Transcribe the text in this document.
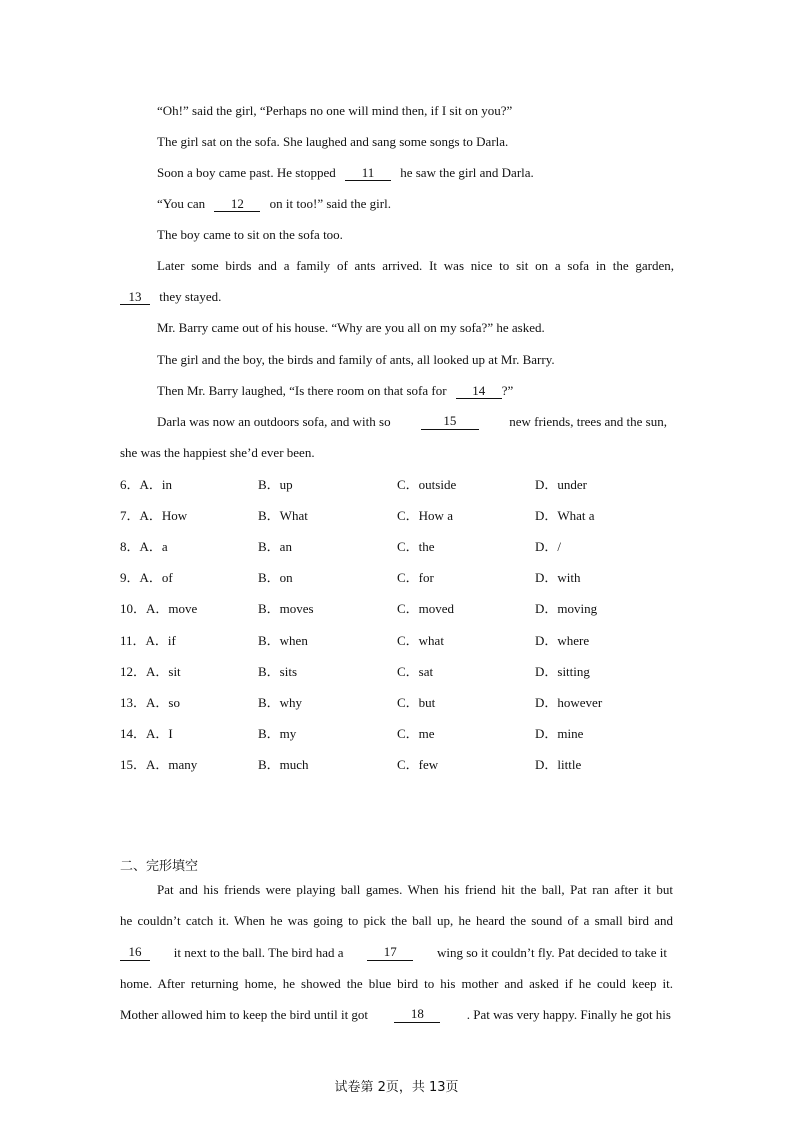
“Oh!” said the girl, “Perhaps no one will mind then, if I sit on you?”
The girl sat on the sofa. She laughed and sang some songs to Darla.
Soon a boy came past. He stopped 11 he saw the girl and Darla.
“You can 12 on it too!” said the girl.
The boy came to sit on the sofa too.
Later some birds and a family of ants arrived. It was nice to sit on a sofa in the garden,
13 they stayed.
Mr. Barry came out of his house. “Why are you all on my sofa?” he asked.
The girl and the boy, the birds and family of ants, all looked up at Mr. Barry.
Then Mr. Barry laughed, “Is there room on that sofa for 14 ?”
Darla was now an outdoors sofa, and with so	15	new friends, trees and the sun,
she was the happiest she’d ever been.
6．A．in	B．up	C．outside	D．under
7．A．How	B．What	C．How a	D．What a
8．A．a	B．an	C．the	D．/
9．A．of	B．on	C．for	D．with
10．A．move	B．moves	C．moved	D．moving
11．A．if	B．when	C．what	D．where
12．A．sit	B．sits	C．sat	D．sitting
13．A．so	B．why	C．but	D．however
14．A．I	B．my	C．me	D．mine
15．A．many	B．much	C．few	D．little
二、完形填空
Pat and his friends were playing ball games. When his friend hit the ball, Pat ran after it but
he couldn’t catch it. When he was going to pick the ball up, he heard the sound of a small bird and
16	it next to the ball. The bird had a	17	wing so it couldn’t fly. Pat decided to take it
home. After returning home, he showed the blue bird to his mother and asked if he could keep it.
Mother allowed him to keep the bird until it got	18	. Pat was very happy. Finally he got his
试卷第 2页，共 13页
